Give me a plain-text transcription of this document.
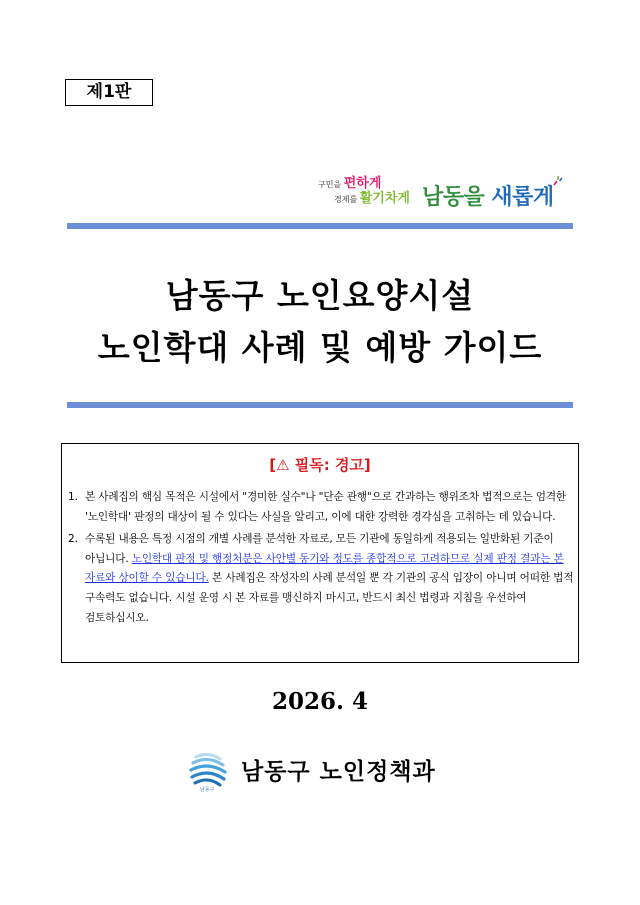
제1판
구민을 편하게
경제를 활기차게 남동을 새롭게
남동구 노인요양시설
노인학대 사례 및 예방 가이드
[⚠ 필독: 경고]
1. 본 사례집의 핵심 목적은 시설에서 "경미한 실수"나 "단순 관행"으로 간과하는 행위조차 법적으로는 엄격한 '노인학대' 판정의 대상이 될 수 있다는 사실을 알리고, 이에 대한 강력한 경각심을 고취하는 데 있습니다.
2. 수록된 내용은 특정 시점의 개별 사례를 분석한 자료로, 모든 기관에 동일하게 적용되는 일반화된 기준이 아닙니다. 노인학대 판정 및 행정처분은 사안별 동기와 정도를 종합적으로 고려하므로 실제 판정 결과는 본 자료와 상이할 수 있습니다. 본 사례집은 작성자의 사례 분석일 뿐 각 기관의 공식 입장이 아니며 어떠한 법적 구속력도 없습니다. 시설 운영 시 본 자료를 맹신하지 마시고, 반드시 최신 법령과 지침을 우선하여 검토하십시오.
2026. 4
남동구
남동구 노인정책과
